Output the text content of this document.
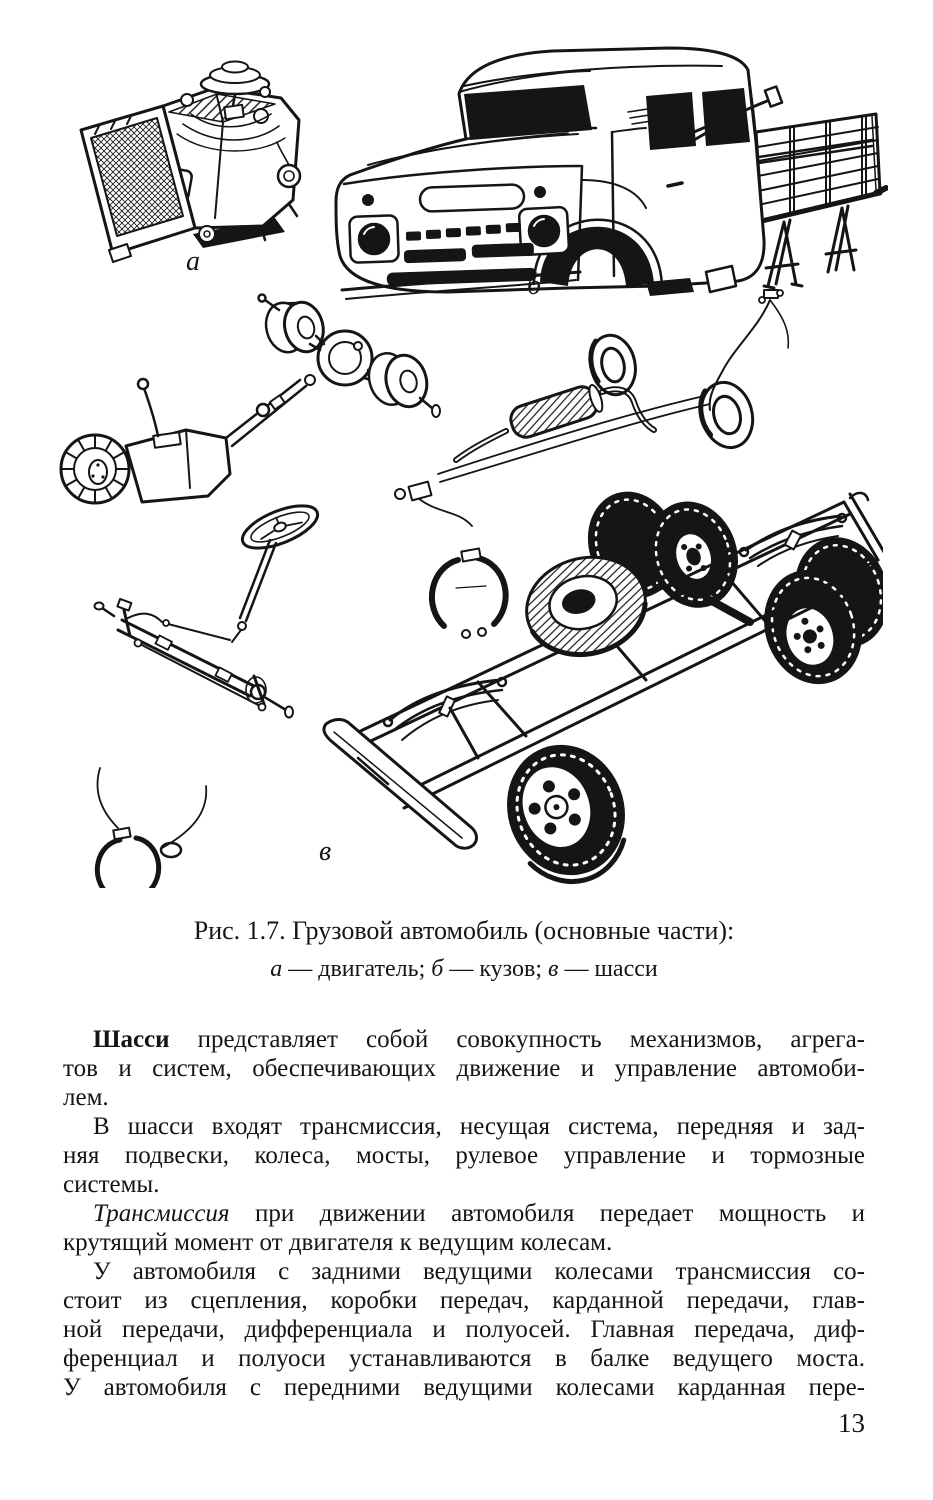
а
б
в
Рис. 1.7. Грузовой автомобиль (основные части):
а — двигатель; б — кузов; в — шасси
Шасси представляет собой совокупность механизмов, агрега-
тов и систем, обеспечивающих движение и управление автомоби-
лем.
В шасси входят трансмиссия, несущая система, передняя и зад-
няя подвески, колеса, мосты, рулевое управление и тормозные
системы.
Трансмиссия при движении автомобиля передает мощность и
крутящий момент от двигателя к ведущим колесам.
У автомобиля с задними ведущими колесами трансмиссия со-
стоит из сцепления, коробки передач, карданной передачи, глав-
ной передачи, дифференциала и полуосей. Главная передача, диф-
ференциал и полуоси устанавливаются в балке ведущего моста.
У автомобиля с передними ведущими колесами карданная пере-
13
